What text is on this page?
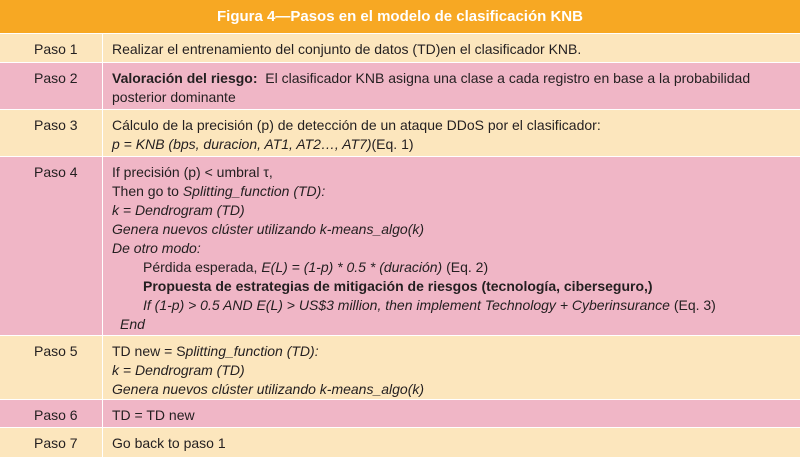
Figura 4—Pasos en el modelo de clasificación KNB
Paso 1	Realizar el entrenamiento del conjunto de datos (TD)en el clasificador KNB.
Paso 2	Valoración del riesgo: El clasificador KNB asigna una clase a cada registro en base a la probabilidad posterior dominante
Paso 3	Cálculo de la precisión (p) de detección de un ataque DDoS por el clasificador:
p = KNB (bps, duracion, AT1, AT2…, AT7)(Eq. 1)
Paso 4	If precisión (p) < umbral τ,
Then go to Splitting_function (TD):
k = Dendrogram (TD)
Genera nuevos clúster utilizando k-means_algo(k)
De otro modo:
Pérdida esperada, E(L) = (1-p) * 0.5 * (duración) (Eq. 2)
Propuesta de estrategias de mitigación de riesgos (tecnología, ciberseguro,)
If (1-p) > 0.5 AND E(L) > US$3 million, then implement Technology + Cyberinsurance (Eq. 3)
End
Paso 5	TD new = Splitting_function (TD):
k = Dendrogram (TD)
Genera nuevos clúster utilizando k-means_algo(k)
Paso 6	TD = TD new
Paso 7	Go back to paso 1
